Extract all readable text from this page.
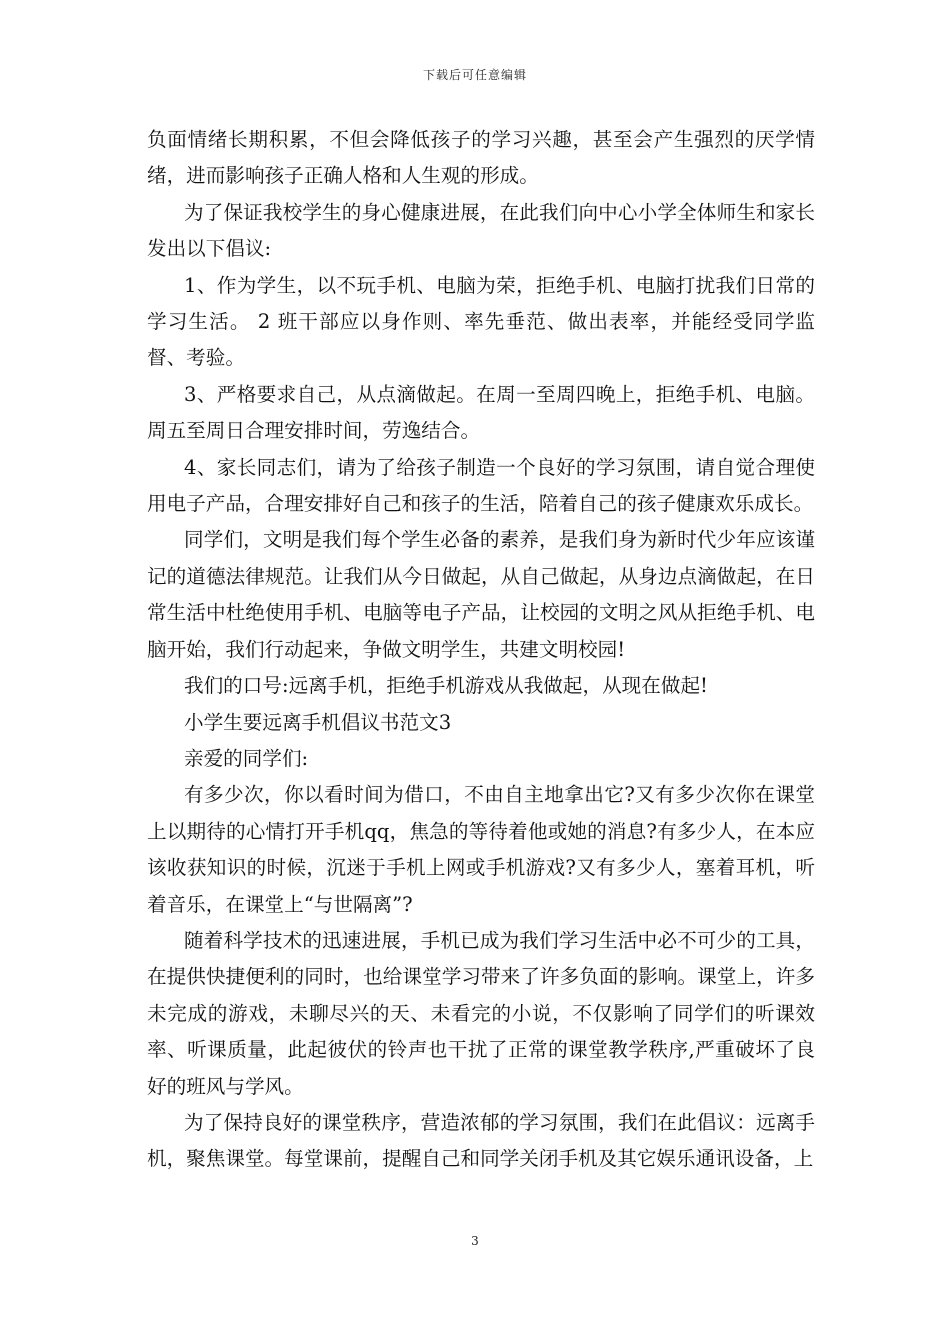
下载后可任意编辑

负面情绪长期积累，不但会降低孩子的学习兴趣，甚至会产生强烈的厌学情绪，进而影响孩子正确人格和人生观的形成。

为了保证我校学生的身心健康进展，在此我们向中心小学全体师生和家长发出以下倡议:

1、作为学生，以不玩手机、电脑为荣，拒绝手机、电脑打扰我们日常的学习生活。 2 班干部应以身作则、率先垂范、做出表率，并能经受同学监督、考验。

3、严格要求自己，从点滴做起。在周一至周四晚上，拒绝手机、电脑。周五至周日合理安排时间，劳逸结合。

4、家长同志们，请为了给孩子制造一个良好的学习氛围，请自觉合理使用电子产品，合理安排好自己和孩子的生活，陪着自己的孩子健康欢乐成长。

同学们，文明是我们每个学生必备的素养，是我们身为新时代少年应该谨记的道德法律规范。让我们从今日做起，从自己做起，从身边点滴做起，在日常生活中杜绝使用手机、电脑等电子产品，让校园的文明之风从拒绝手机、电脑开始，我们行动起来，争做文明学生，共建文明校园!

我们的口号:远离手机，拒绝手机游戏从我做起，从现在做起!

小学生要远离手机倡议书范文3

亲爱的同学们:

有多少次，你以看时间为借口，不由自主地拿出它?又有多少次你在课堂上以期待的心情打开手机qq，焦急的等待着他或她的消息?有多少人，在本应该收获知识的时候，沉迷于手机上网或手机游戏?又有多少人，塞着耳机，听着音乐，在课堂上“与世隔离”?

随着科学技术的迅速进展，手机已成为我们学习生活中必不可少的工具，在提供快捷便利的同时，也给课堂学习带来了许多负面的影响。课堂上，许多未完成的游戏，未聊尽兴的天、未看完的小说，不仅影响了同学们的听课效率、听课质量，此起彼伏的铃声也干扰了正常的课堂教学秩序,严重破坏了良好的班风与学风。

为了保持良好的课堂秩序，营造浓郁的学习氛围，我们在此倡议：远离手机，聚焦课堂。每堂课前，提醒自己和同学关闭手机及其它娱乐通讯设备，上

3
